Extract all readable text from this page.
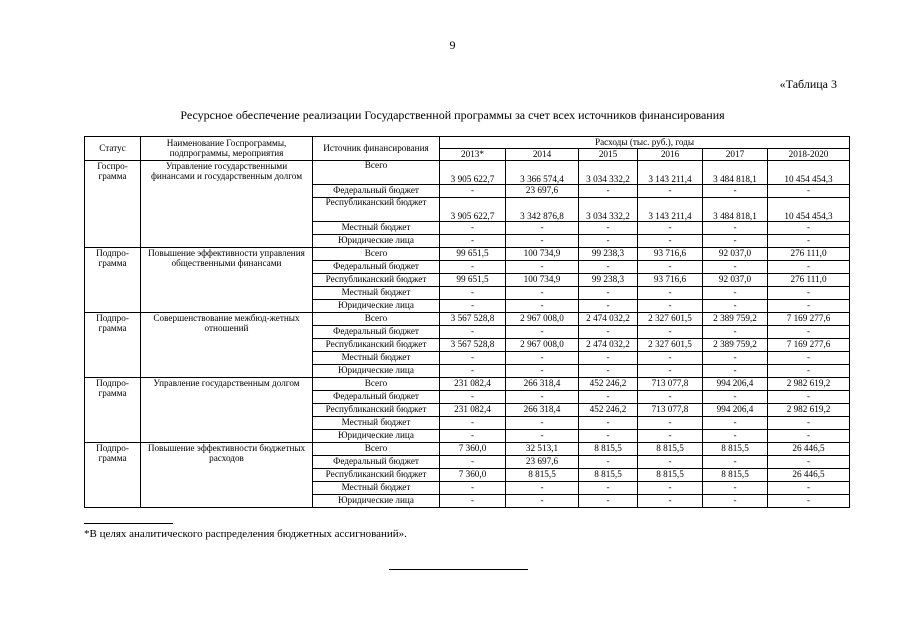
9
«Таблица 3
Ресурсное обеспечение реализации Государственной программы за счет всех источников финансирования
Статус	Наименование Госпрограммы, подпрограммы, мероприятия	Источник финансирования	Расходы (тыс. руб.), годы					
			2013*	2014	2015	2016	2017	2018-2020
Госпро-грамма	Управление государственными финансами и государственным долгом	Всего	3 905 622,7	3 366 574,4	3 034 332,2	3 143 211,4	3 484 818,1	10 454 454,3
		Федеральный бюджет	-	23 697,6	-	-	-	-
		Республиканский бюджет	3 905 622,7	3 342 876,8	3 034 332,2	3 143 211,4	3 484 818,1	10 454 454,3
		Местный бюджет	-	-	-	-	-	-
		Юридические лица	-	-	-	-	-	-
Подпро-грамма	Повышение эффективности управления общественными финансами	Всего	99 651,5	100 734,9	99 238,3	93 716,6	92 037,0	276 111,0
		Федеральный бюджет	-	-	-	-	-	-
		Республиканский бюджет	99 651,5	100 734,9	99 238,3	93 716,6	92 037,0	276 111,0
		Местный бюджет	-	-	-	-	-	-
		Юридические лица	-	-	-	-	-	-
Подпро-грамма	Совершенствование межбюд-жетных отношений	Всего	3 567 528,8	2 967 008,0	2 474 032,2	2 327 601,5	2 389 759,2	7 169 277,6
		Федеральный бюджет	-	-	-	-	-	-
		Республиканский бюджет	3 567 528,8	2 967 008,0	2 474 032,2	2 327 601,5	2 389 759,2	7 169 277,6
		Местный бюджет	-	-	-	-	-	-
		Юридические лица	-	-	-	-	-	-
Подпро-грамма	Управление государственным долгом	Всего	231 082,4	266 318,4	452 246,2	713 077,8	994 206,4	2 982 619,2
		Федеральный бюджет	-	-	-	-	-	-
		Республиканский бюджет	231 082,4	266 318,4	452 246,2	713 077,8	994 206,4	2 982 619,2
		Местный бюджет	-	-	-	-	-	-
		Юридические лица	-	-	-	-	-	-
Подпро-грамма	Повышение эффективности бюджетных расходов	Всего	7 360,0	32 513,1	8 815,5	8 815,5	8 815,5	26 446,5
		Федеральный бюджет	-	23 697,6	-	-	-	-
		Республиканский бюджет	7 360,0	8 815,5	8 815,5	8 815,5	8 815,5	26 446,5
		Местный бюджет	-	-	-	-	-	-
		Юридические лица	-	-	-	-	-	-
*В целях аналитического распределения бюджетных ассигнований».
